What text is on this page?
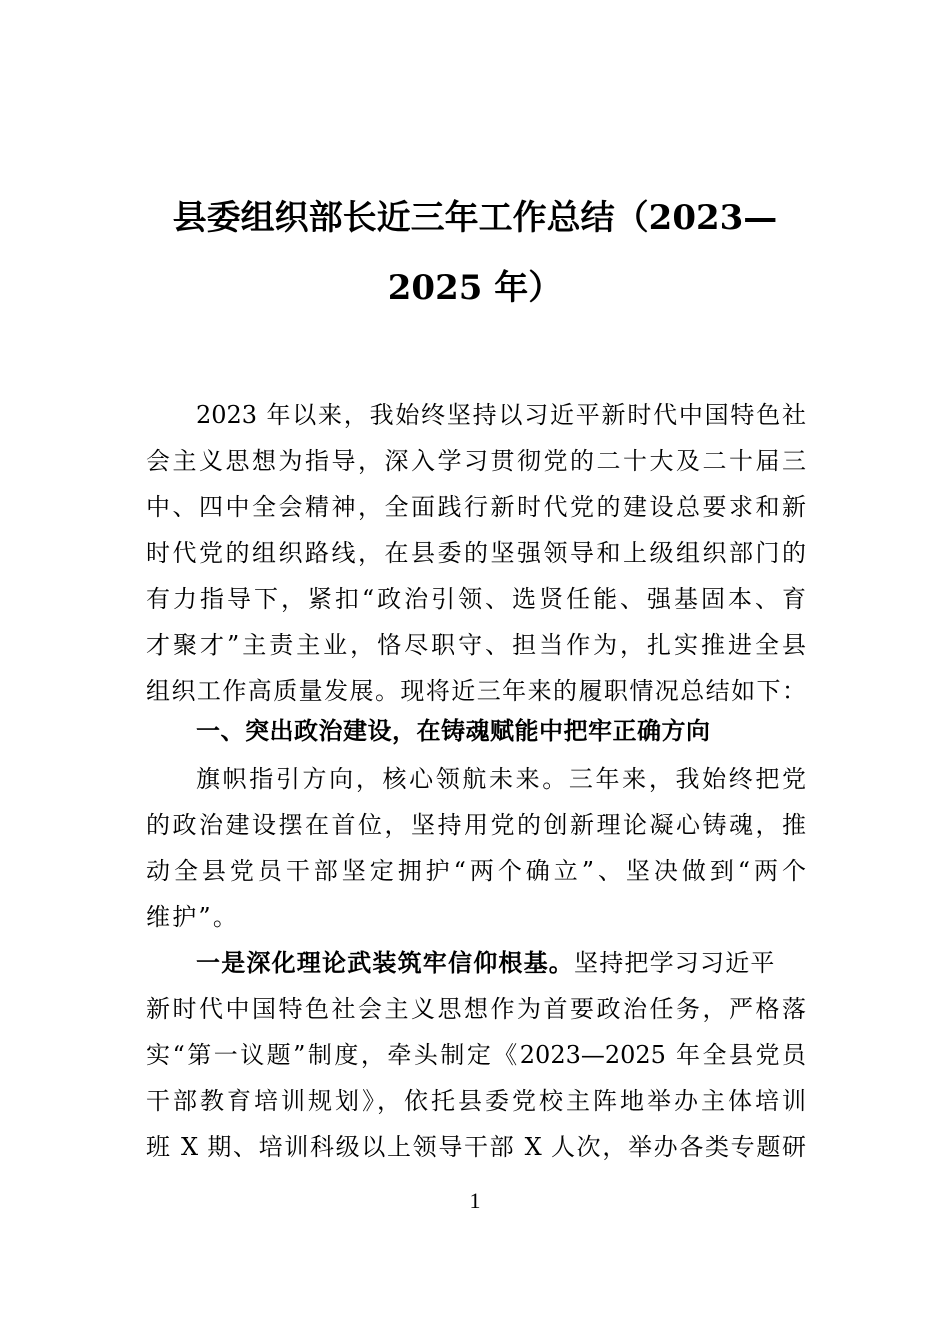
县委组织部长近三年工作总结（2023—
2025 年）
2023 年以来，我始终坚持以习近平新时代中国特色社
会主义思想为指导，深入学习贯彻党的二十大及二十届三
中、四中全会精神，全面践行新时代党的建设总要求和新
时代党的组织路线，在县委的坚强领导和上级组织部门的
有力指导下，紧扣“政治引领、选贤任能、强基固本、育
才聚才”主责主业，恪尽职守、担当作为，扎实推进全县
组织工作高质量发展。现将近三年来的履职情况总结如下：
一、突出政治建设，在铸魂赋能中把牢正确方向
旗帜指引方向，核心领航未来。三年来，我始终把党
的政治建设摆在首位，坚持用党的创新理论凝心铸魂，推
动全县党员干部坚定拥护“两个确立”、坚决做到“两个
维护”。
一是深化理论武装筑牢信仰根基。坚持把学习习近平
新时代中国特色社会主义思想作为首要政治任务，严格落
实“第一议题”制度，牵头制定《2023—2025 年全县党员
干部教育培训规划》，依托县委党校主阵地举办主体培训
班 X 期、培训科级以上领导干部 X 人次，举办各类专题研
1
